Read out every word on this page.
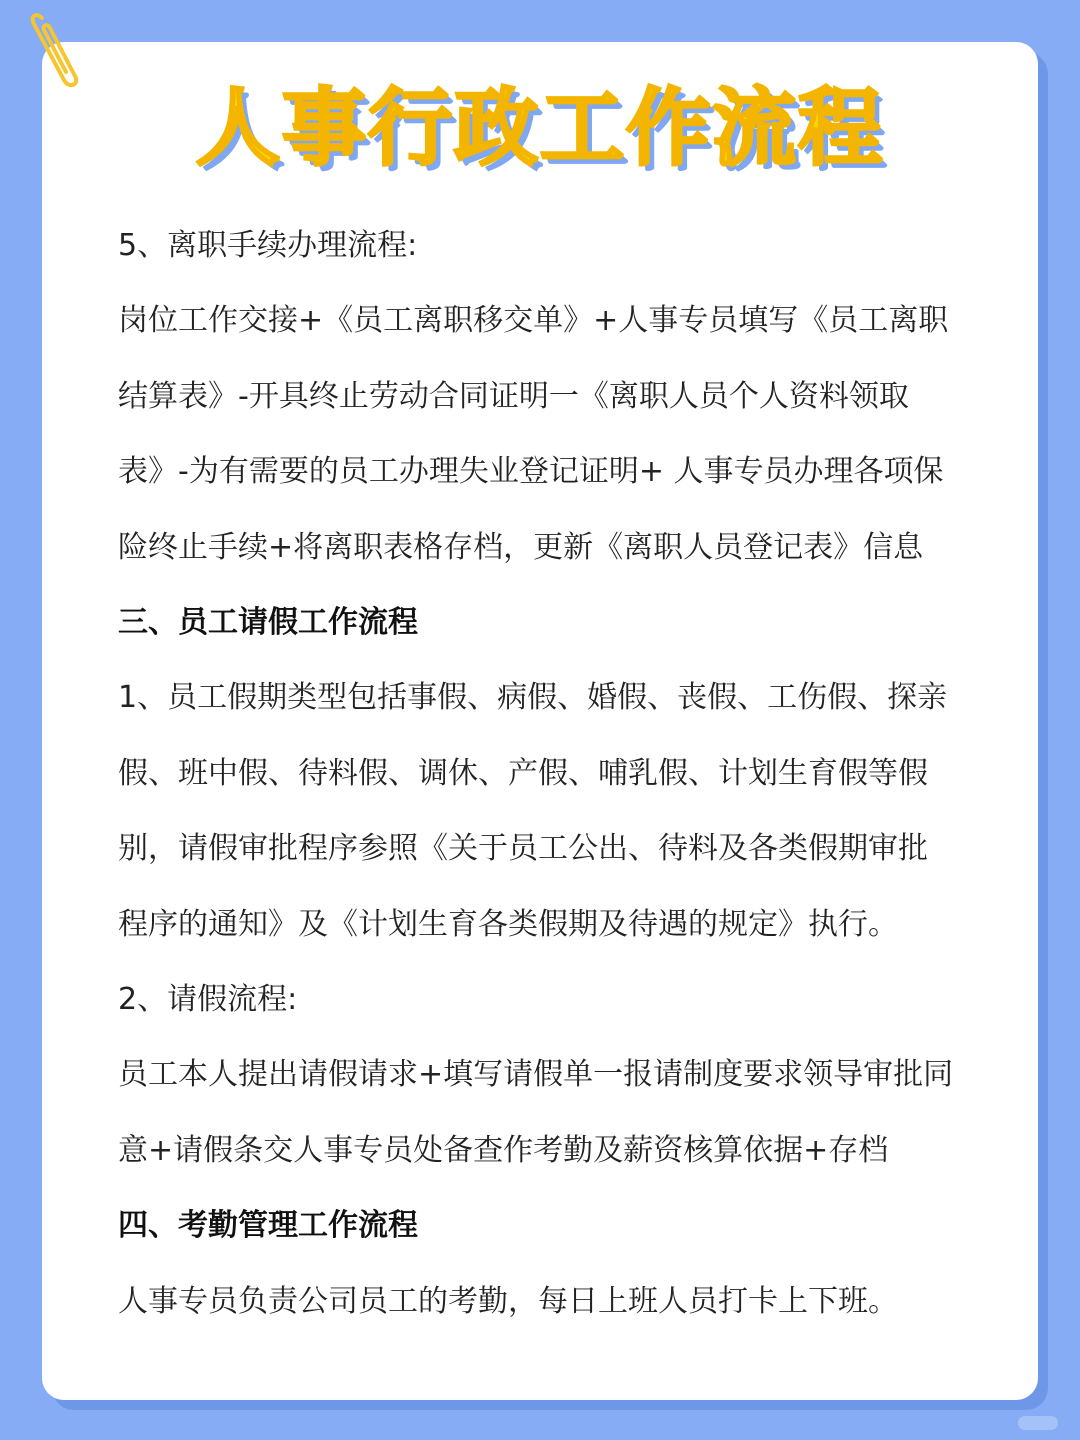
人事行政工作流程
5、离职手续办理流程:
岗位工作交接+《员工离职移交单》+人事专员填写《员工离职
结算表》-开具终止劳动合同证明一《离职人员个人资料领取
表》-为有需要的员工办理失业登记证明+ 人事专员办理各项保
险终止手续+将离职表格存档，更新《离职人员登记表》信息
三、员工请假工作流程
1、员工假期类型包括事假、病假、婚假、丧假、工伤假、探亲
假、班中假、待料假、调休、产假、哺乳假、计划生育假等假
别，请假审批程序参照《关于员工公出、待料及各类假期审批
程序的通知》及《计划生育各类假期及待遇的规定》执行。
2、请假流程:
员工本人提出请假请求+填写请假单一报请制度要求领导审批同
意+请假条交人事专员处备查作考勤及薪资核算依据+存档
四、考勤管理工作流程
人事专员负责公司员工的考勤，每日上班人员打卡上下班。
